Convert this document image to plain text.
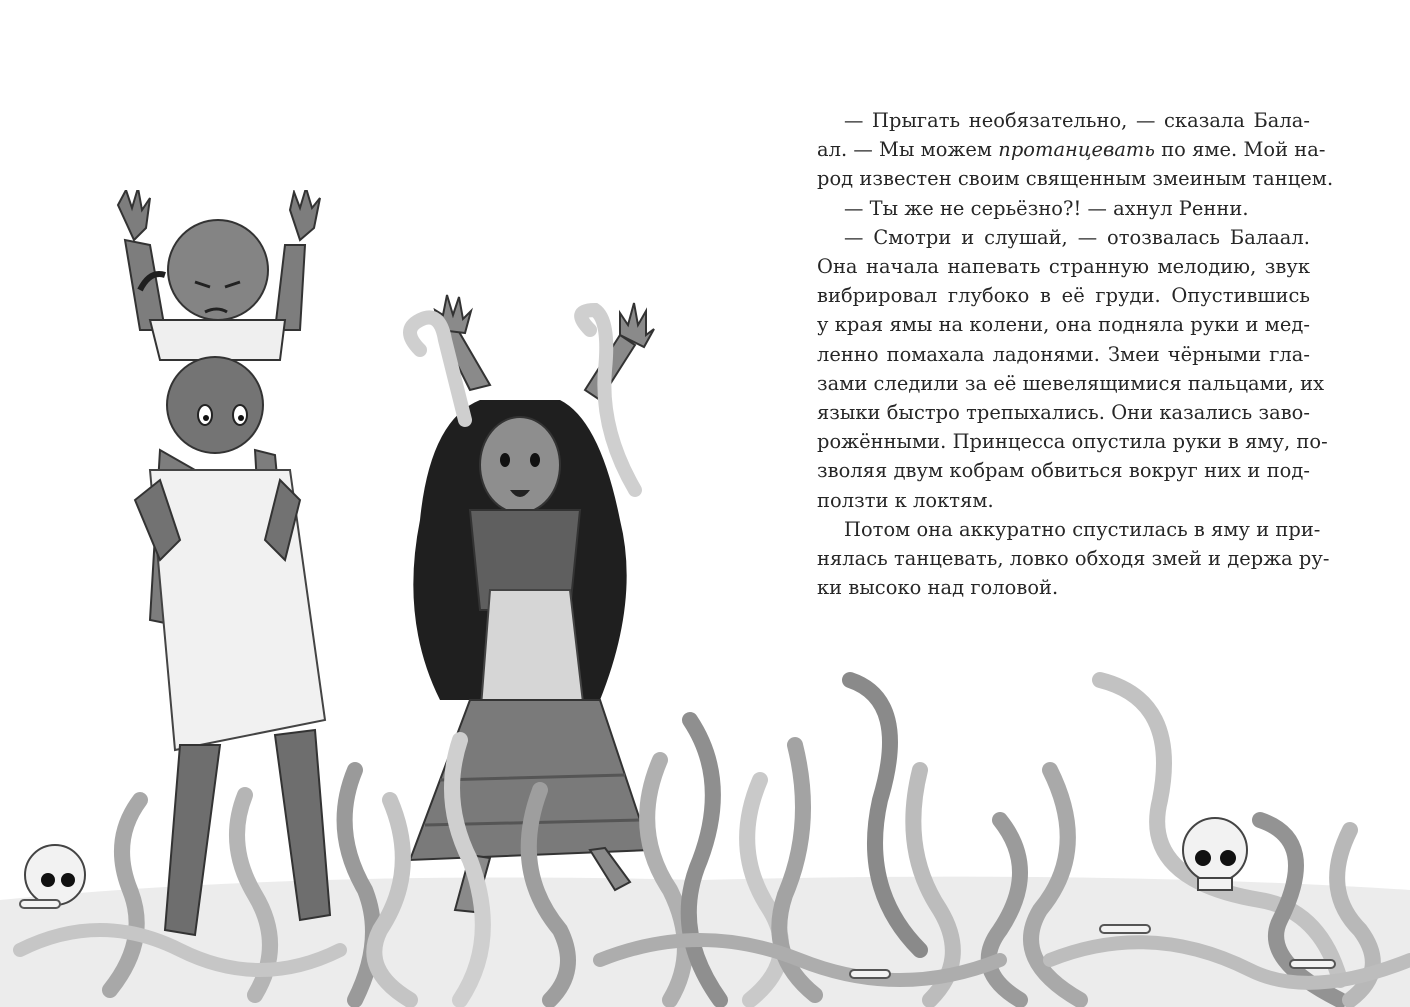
— Прыгать необязательно, — сказала Бала-
ал. — Мы можем протанцевать по яме. Мой на-
род известен своим священным змеиным танцем.
— Ты же не серьёзно?! — ахнул Ренни.
— Смотри и слушай, — отозвалась Балаал.
Она начала напевать странную мелодию, звук
вибрировал глубоко в её груди. Опустившись
у края ямы на колени, она подняла руки и мед-
ленно помахала ладонями. Змеи чёрными гла-
зами следили за её шевелящимися пальцами, их
языки быстро трепыхались. Они казались заво-
рожёнными. Принцесса опустила руки в яму, по-
зволяя двум кобрам обвиться вокруг них и под-
ползти к локтям.
Потом она аккуратно спустилась в яму и при-
нялась танцевать, ловко обходя змей и держа ру-
ки высоко над головой.
